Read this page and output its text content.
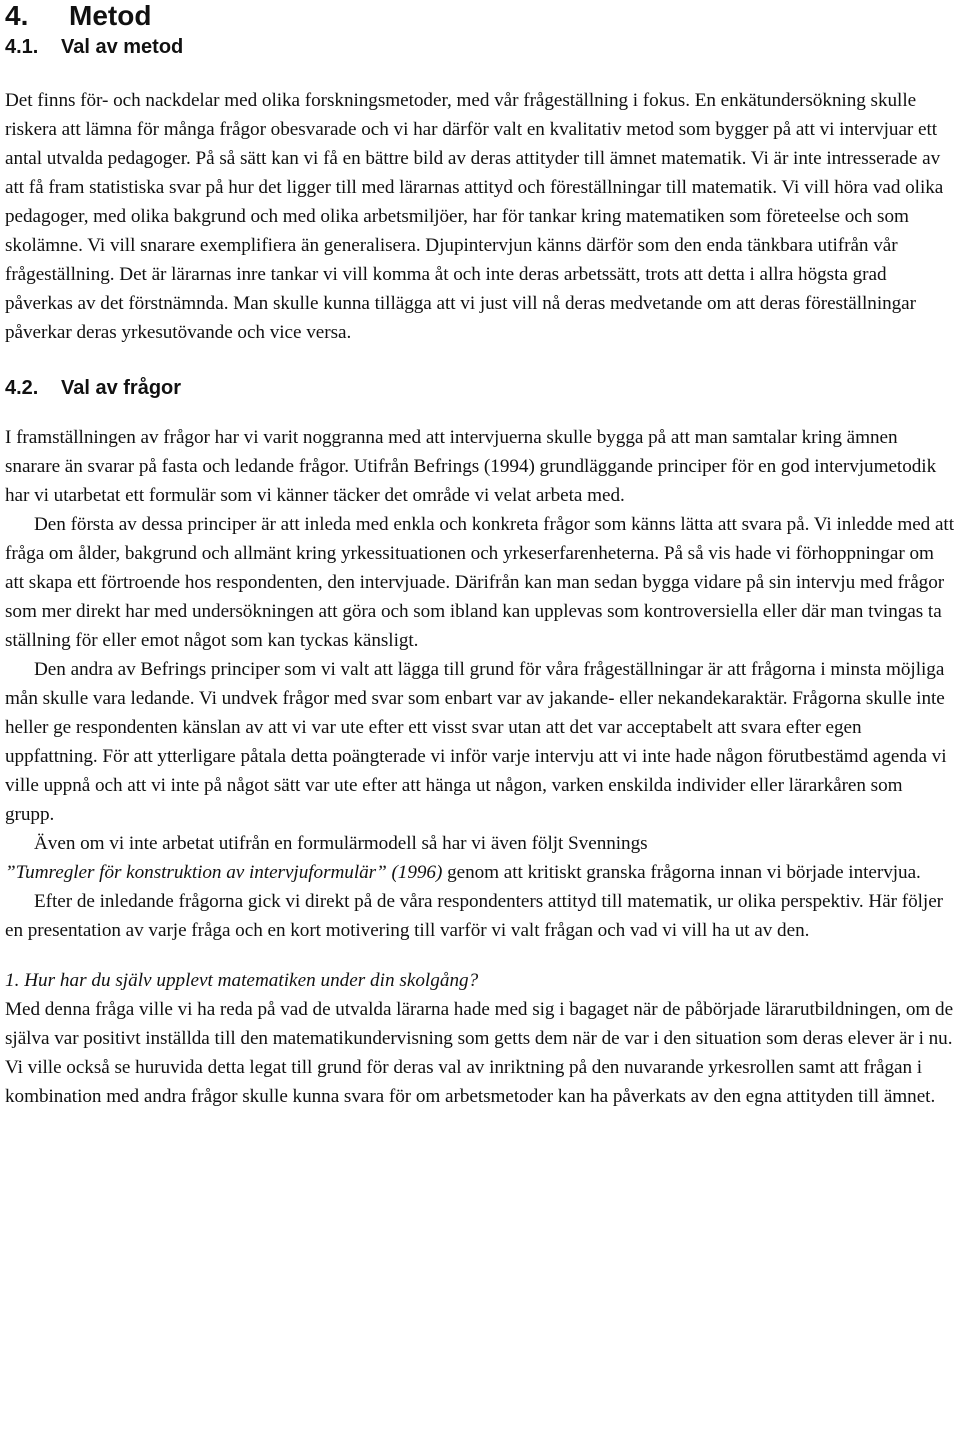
4. Metod
4.1. Val av metod

Det finns för- och nackdelar med olika forskningsmetoder, med vår frågeställning i fokus. En enkätundersökning skulle riskera att lämna för många frågor obesvarade och vi har därför valt en kvalitativ metod som bygger på att vi intervjuar ett antal utvalda pedagoger. På så sätt kan vi få en bättre bild av deras attityder till ämnet matematik. Vi är inte intresserade av att få fram statistiska svar på hur det ligger till med lärarnas attityd och föreställningar till matematik. Vi vill höra vad olika pedagoger, med olika bakgrund och med olika arbetsmiljöer, har för tankar kring matematiken som företeelse och som skolämne. Vi vill snarare exemplifiera än generalisera. Djupintervjun känns därför som den enda tänkbara utifrån vår frågeställning. Det är lärarnas inre tankar vi vill komma åt och inte deras arbetssätt, trots att detta i allra högsta grad påverkas av det förstnämnda. Man skulle kunna tillägga att vi just vill nå deras medvetande om att deras föreställningar påverkar deras yrkesutövande och vice versa.

4.2. Val av frågor

I framställningen av frågor har vi varit noggranna med att intervjuerna skulle bygga på att man samtalar kring ämnen snarare än svarar på fasta och ledande frågor. Utifrån Befrings (1994) grundläggande principer för en god intervjumetodik har vi utarbetat ett formulär som vi känner täcker det område vi velat arbeta med.

Den första av dessa principer är att inleda med enkla och konkreta frågor som känns lätta att svara på. Vi inledde med att fråga om ålder, bakgrund och allmänt kring yrkessituationen och yrkeserfarenheterna. På så vis hade vi förhoppningar om att skapa ett förtroende hos respondenten, den intervjuade. Därifrån kan man sedan bygga vidare på sin intervju med frågor som mer direkt har med undersökningen att göra och som ibland kan upplevas som kontroversiella eller där man tvingas ta ställning för eller emot något som kan tyckas känsligt.

Den andra av Befrings principer som vi valt att lägga till grund för våra frågeställningar är att frågorna i minsta möjliga mån skulle vara ledande. Vi undvek frågor med svar som enbart var av jakande- eller nekandekaraktär. Frågorna skulle inte heller ge respondenten känslan av att vi var ute efter ett visst svar utan att det var acceptabelt att svara efter egen uppfattning. För att ytterligare påtala detta poängterade vi inför varje intervju att vi inte hade någon förutbestämd agenda vi ville uppnå och att vi inte på något sätt var ute efter att hänga ut någon, varken enskilda individer eller lärarkåren som grupp.

Även om vi inte arbetat utifrån en formulärmodell så har vi även följt Svennings
”Tumregler för konstruktion av intervjuformulär” (1996) genom att kritiskt granska frågorna innan vi började intervjua.

Efter de inledande frågorna gick vi direkt på de våra respondenters attityd till matematik, ur olika perspektiv. Här följer en presentation av varje fråga och en kort motivering till varför vi valt frågan och vad vi vill ha ut av den.

1. Hur har du själv upplevt matematiken under din skolgång?

Med denna fråga ville vi ha reda på vad de utvalda lärarna hade med sig i bagaget när de påbörjade lärarutbildningen, om de själva var positivt inställda till den matematikundervisning som getts dem när de var i den situation som deras elever är i nu. Vi ville också se huruvida detta legat till grund för deras val av inriktning på den nuvarande yrkesrollen samt att frågan i kombination med andra frågor skulle kunna svara för om arbetsmetoder kan ha påverkats av den egna attityden till ämnet.
